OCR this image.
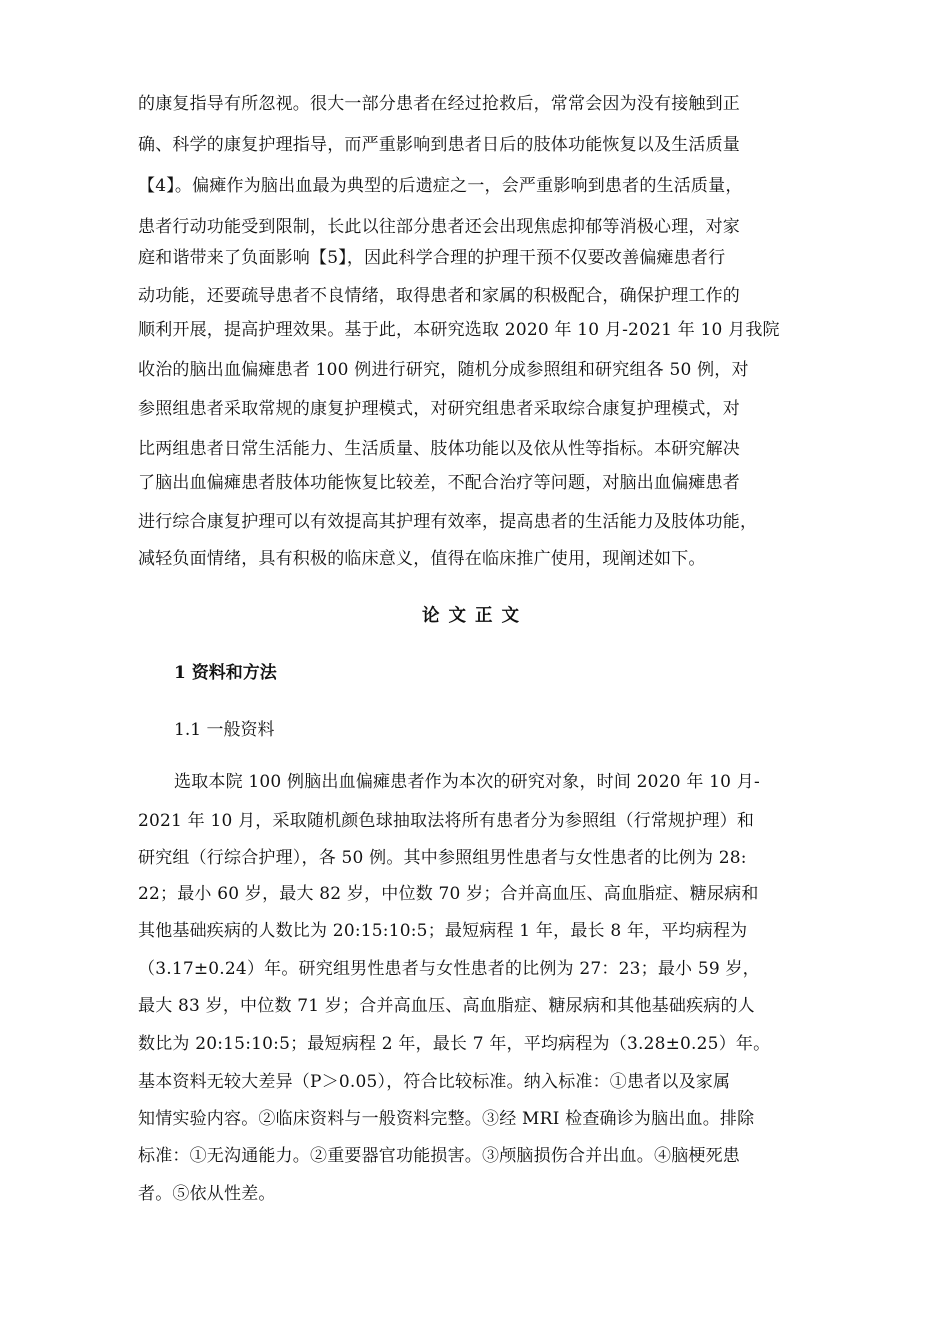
的康复指导有所忽视。很大一部分患者在经过抢救后，常常会因为没有接触到正
确、科学的康复护理指导，而严重影响到患者日后的肢体功能恢复以及生活质量
【4】。偏瘫作为脑出血最为典型的后遗症之一，会严重影响到患者的生活质量，
患者行动功能受到限制，长此以往部分患者还会出现焦虑抑郁等消极心理，对家
庭和谐带来了负面影响【5】，因此科学合理的护理干预不仅要改善偏瘫患者行
动功能，还要疏导患者不良情绪，取得患者和家属的积极配合，确保护理工作的
顺利开展，提高护理效果。基于此，本研究选取 2020 年 10 月-2021 年 10 月我院
收治的脑出血偏瘫患者 100 例进行研究，随机分成参照组和研究组各 50 例，对
参照组患者采取常规的康复护理模式，对研究组患者采取综合康复护理模式，对
比两组患者日常生活能力、生活质量、肢体功能以及依从性等指标。本研究解决
了脑出血偏瘫患者肢体功能恢复比较差，不配合治疗等问题，对脑出血偏瘫患者
进行综合康复护理可以有效提高其护理有效率，提高患者的生活能力及肢体功能，
减轻负面情绪，具有积极的临床意义，值得在临床推广使用，现阐述如下。
论文正文
1 资料和方法
1.1 一般资料
选取本院 100 例脑出血偏瘫患者作为本次的研究对象，时间 2020 年 10 月-
2021 年 10 月，采取随机颜色球抽取法将所有患者分为参照组（行常规护理）和
研究组（行综合护理），各 50 例。其中参照组男性患者与女性患者的比例为 28:
22；最小 60 岁，最大 82 岁，中位数 70 岁；合并高血压、高血脂症、糖尿病和
其他基础疾病的人数比为 20:15:10:5；最短病程 1 年，最长 8 年，平均病程为
（3.17±0.24）年。研究组男性患者与女性患者的比例为 27：23；最小 59 岁，
最大 83 岁，中位数 71 岁；合并高血压、高血脂症、糖尿病和其他基础疾病的人
数比为 20:15:10:5；最短病程 2 年，最长 7 年，平均病程为（3.28±0.25）年。
基本资料无较大差异（P＞0.05），符合比较标准。纳入标准：①患者以及家属
知情实验内容。②临床资料与一般资料完整。③经 MRI 检查确诊为脑出血。排除
标准：①无沟通能力。②重要器官功能损害。③颅脑损伤合并出血。④脑梗死患
者。⑤依从性差。
